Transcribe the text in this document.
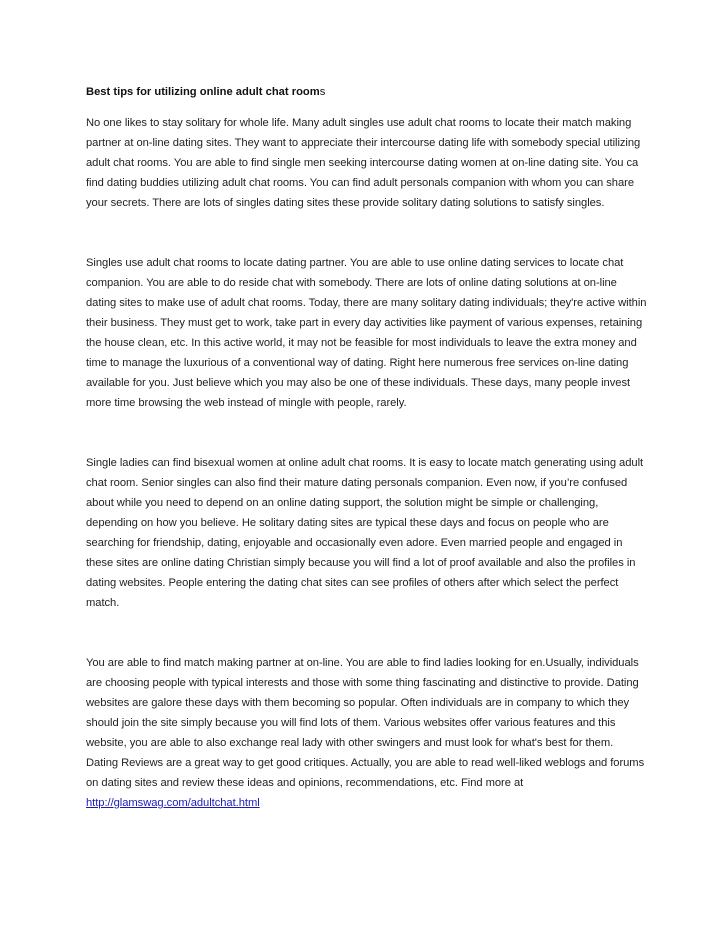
Best tips for utilizing online adult chat rooms

No one likes to stay solitary for whole life. Many adult singles use adult chat rooms to locate their match making partner at on-line dating sites. They want to appreciate their intercourse dating life with somebody special utilizing adult chat rooms. You are able to find single men seeking intercourse dating women at on-line dating site. You ca find dating buddies utilizing adult chat rooms. You can find adult personals companion with whom you can share your secrets. There are lots of singles dating sites these provide solitary dating solutions to satisfy singles.

Singles use adult chat rooms to locate dating partner. You are able to use online dating services to locate chat companion. You are able to do reside chat with somebody. There are lots of online dating solutions at on-line dating sites to make use of adult chat rooms. Today, there are many solitary dating individuals; they're active within their business. They must get to work, take part in every day activities like payment of various expenses, retaining the house clean, etc. In this active world, it may not be feasible for most individuals to leave the extra money and time to manage the luxurious of a conventional way of dating. Right here numerous free services on-line dating available for you. Just believe which you may also be one of these individuals. These days, many people invest more time browsing the web instead of mingle with people, rarely.

Single ladies can find bisexual women at online adult chat rooms. It is easy to locate match generating using adult chat room. Senior singles can also find their mature dating personals companion. Even now, if you’re confused about while you need to depend on an online dating support, the solution might be simple or challenging, depending on how you believe. He solitary dating sites are typical these days and focus on people who are searching for friendship, dating, enjoyable and occasionally even adore. Even married people and engaged in these sites are online dating Christian simply because you will find a lot of proof available and also the profiles in dating websites. People entering the dating chat sites can see profiles of others after which select the perfect match.

You are able to find match making partner at on-line. You are able to find ladies looking for en.Usually, individuals are choosing people with typical interests and those with some thing fascinating and distinctive to provide. Dating websites are galore these days with them becoming so popular. Often individuals are in company to which they should join the site simply because you will find lots of them. Various websites offer various features and this website, you are able to also exchange real lady with other swingers and must look for what's best for them. Dating Reviews are a great way to get good critiques. Actually, you are able to read well-liked weblogs and forums on dating sites and review these ideas and opinions, recommendations, etc. Find more at http://glamswag.com/adultchat.html
